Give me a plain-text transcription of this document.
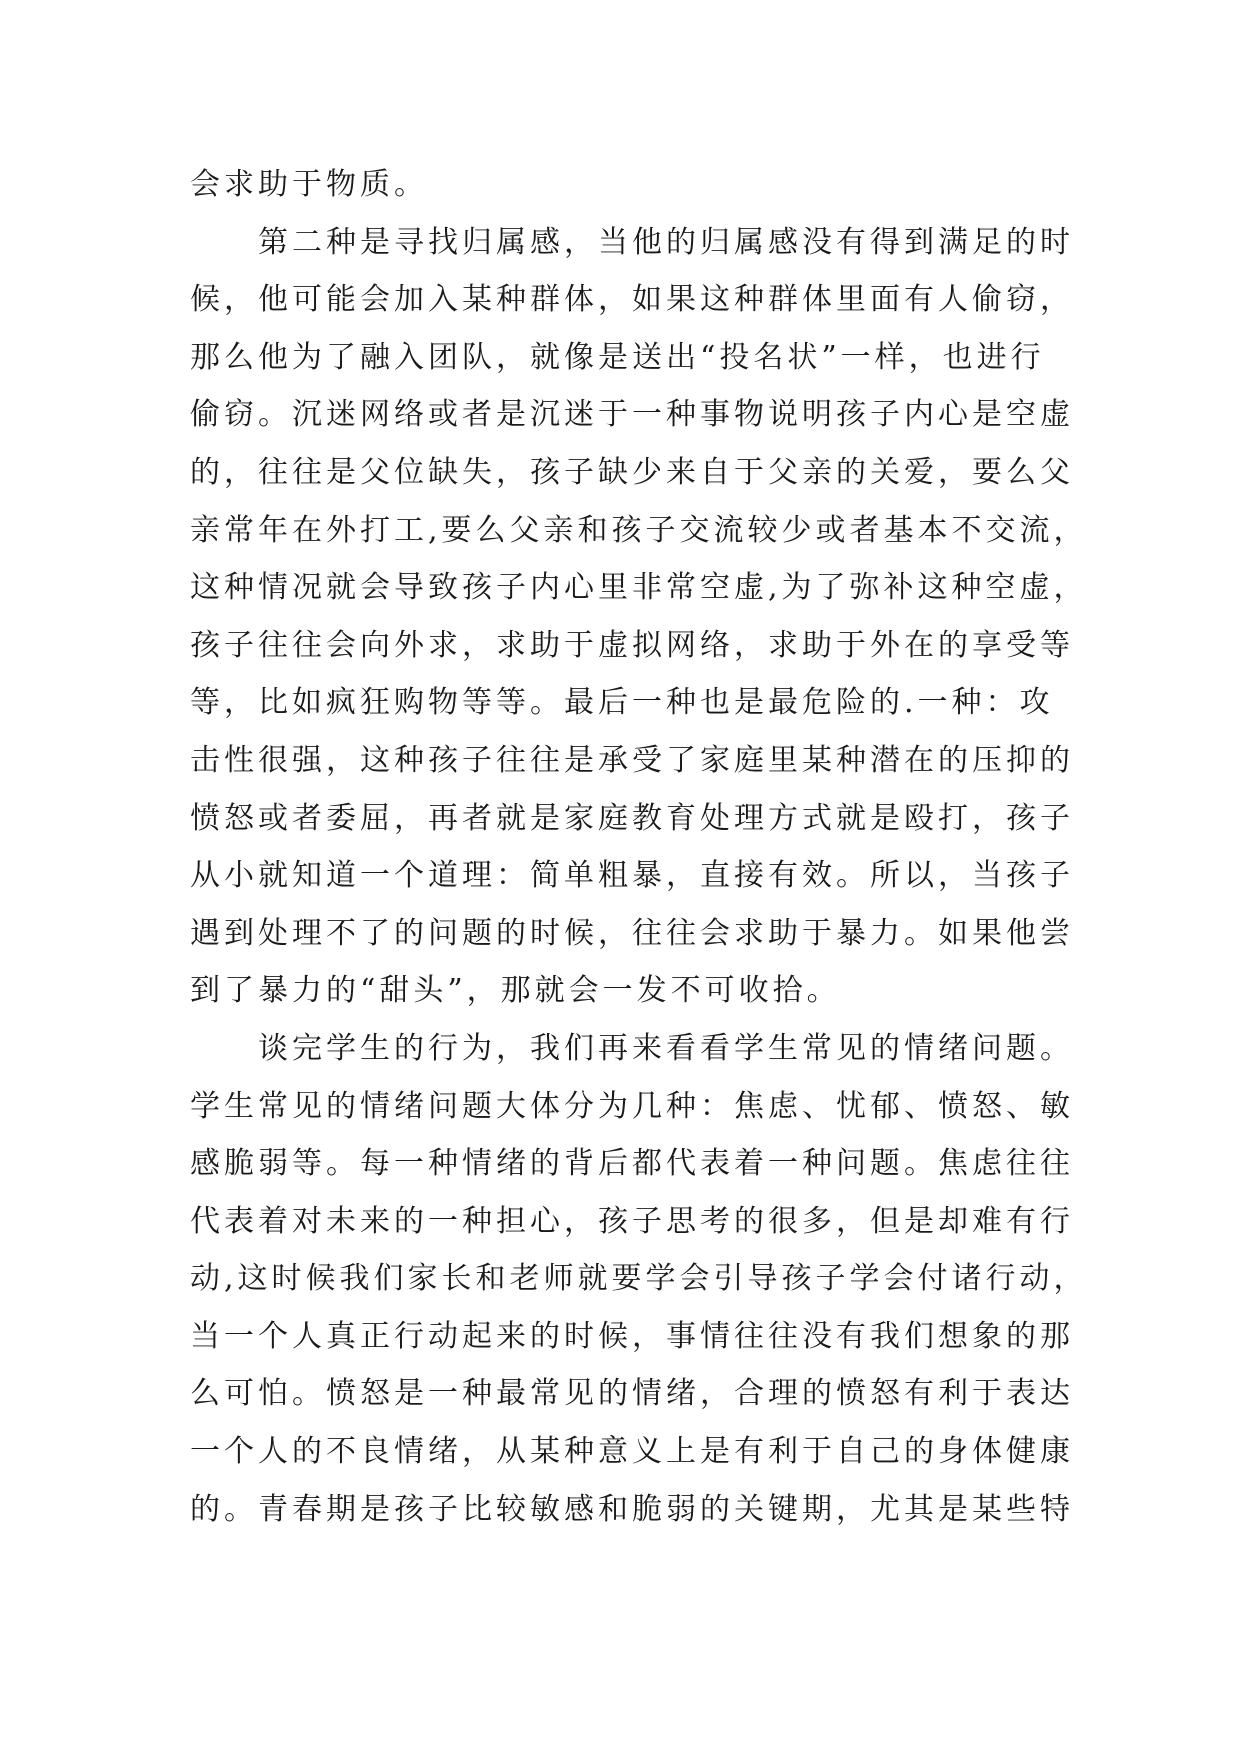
会求助于物质。
　　第二种是寻找归属感，当他的归属感没有得到满足的时
候，他可能会加入某种群体，如果这种群体里面有人偷窃，
那么他为了融入团队，就像是送出“投名状”一样，也进行
偷窃。沉迷网络或者是沉迷于一种事物说明孩子内心是空虚
的，往往是父位缺失，孩子缺少来自于父亲的关爱，要么父
亲常年在外打工,要么父亲和孩子交流较少或者基本不交流，
这种情况就会导致孩子内心里非常空虚,为了弥补这种空虚，
孩子往往会向外求，求助于虚拟网络，求助于外在的享受等
等，比如疯狂购物等等。最后一种也是最危险的.一种：攻
击性很强，这种孩子往往是承受了家庭里某种潜在的压抑的
愤怒或者委屈，再者就是家庭教育处理方式就是殴打，孩子
从小就知道一个道理：简单粗暴，直接有效。所以，当孩子
遇到处理不了的问题的时候，往往会求助于暴力。如果他尝
到了暴力的“甜头”，那就会一发不可收拾。
　　谈完学生的行为，我们再来看看学生常见的情绪问题。
学生常见的情绪问题大体分为几种：焦虑、忧郁、愤怒、敏
感脆弱等。每一种情绪的背后都代表着一种问题。焦虑往往
代表着对未来的一种担心，孩子思考的很多，但是却难有行
动,这时候我们家长和老师就要学会引导孩子学会付诸行动，
当一个人真正行动起来的时候，事情往往没有我们想象的那
么可怕。愤怒是一种最常见的情绪，合理的愤怒有利于表达
一个人的不良情绪，从某种意义上是有利于自己的身体健康
的。青春期是孩子比较敏感和脆弱的关键期，尤其是某些特
